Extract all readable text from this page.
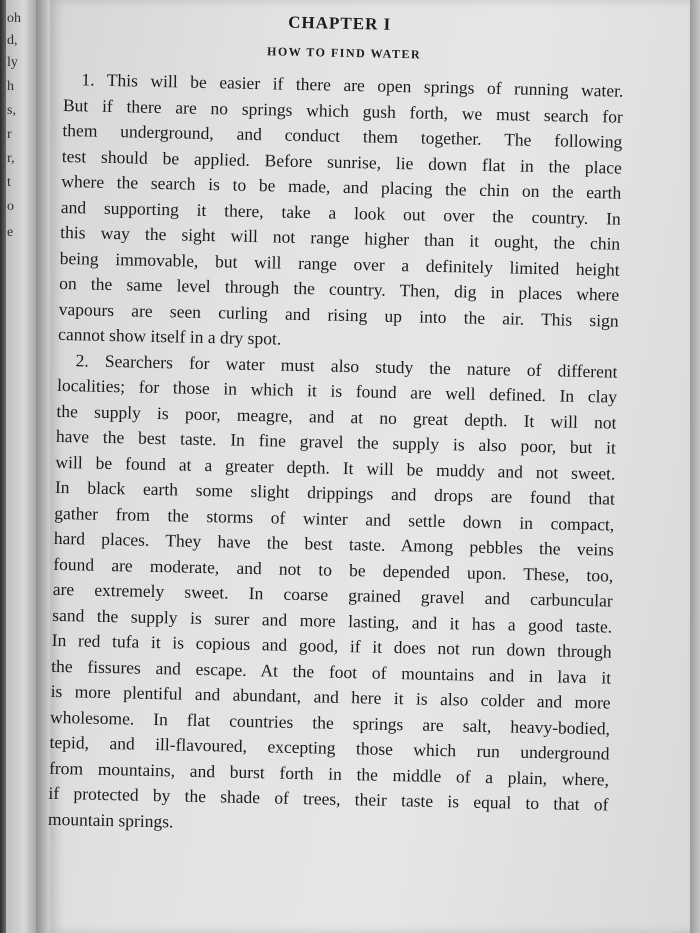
oh
d,
ly
h
s,
r
r,
t
o
e
CHAPTER I
HOW TO FIND WATER
1. This will be easier if there are open springs of running water.
But if there are no springs which gush forth, we must search for
them underground, and conduct them together. The following
test should be applied. Before sunrise, lie down flat in the place
where the search is to be made, and placing the chin on the earth
and supporting it there, take a look out over the country. In
this way the sight will not range higher than it ought, the chin
being immovable, but will range over a definitely limited height
on the same level through the country. Then, dig in places where
vapours are seen curling and rising up into the air. This sign
cannot show itself in a dry spot.
2. Searchers for water must also study the nature of different
localities; for those in which it is found are well defined. In clay
the supply is poor, meagre, and at no great depth. It will not
have the best taste. In fine gravel the supply is also poor, but it
will be found at a greater depth. It will be muddy and not sweet.
In black earth some slight drippings and drops are found that
gather from the storms of winter and settle down in compact,
hard places. They have the best taste. Among pebbles the veins
found are moderate, and not to be depended upon. These, too,
are extremely sweet. In coarse grained gravel and carbuncular
sand the supply is surer and more lasting, and it has a good taste.
In red tufa it is copious and good, if it does not run down through
the fissures and escape. At the foot of mountains and in lava it
is more plentiful and abundant, and here it is also colder and more
wholesome. In flat countries the springs are salt, heavy-bodied,
tepid, and ill-flavoured, excepting those which run underground
from mountains, and burst forth in the middle of a plain, where,
if protected by the shade of trees, their taste is equal to that of
mountain springs.
